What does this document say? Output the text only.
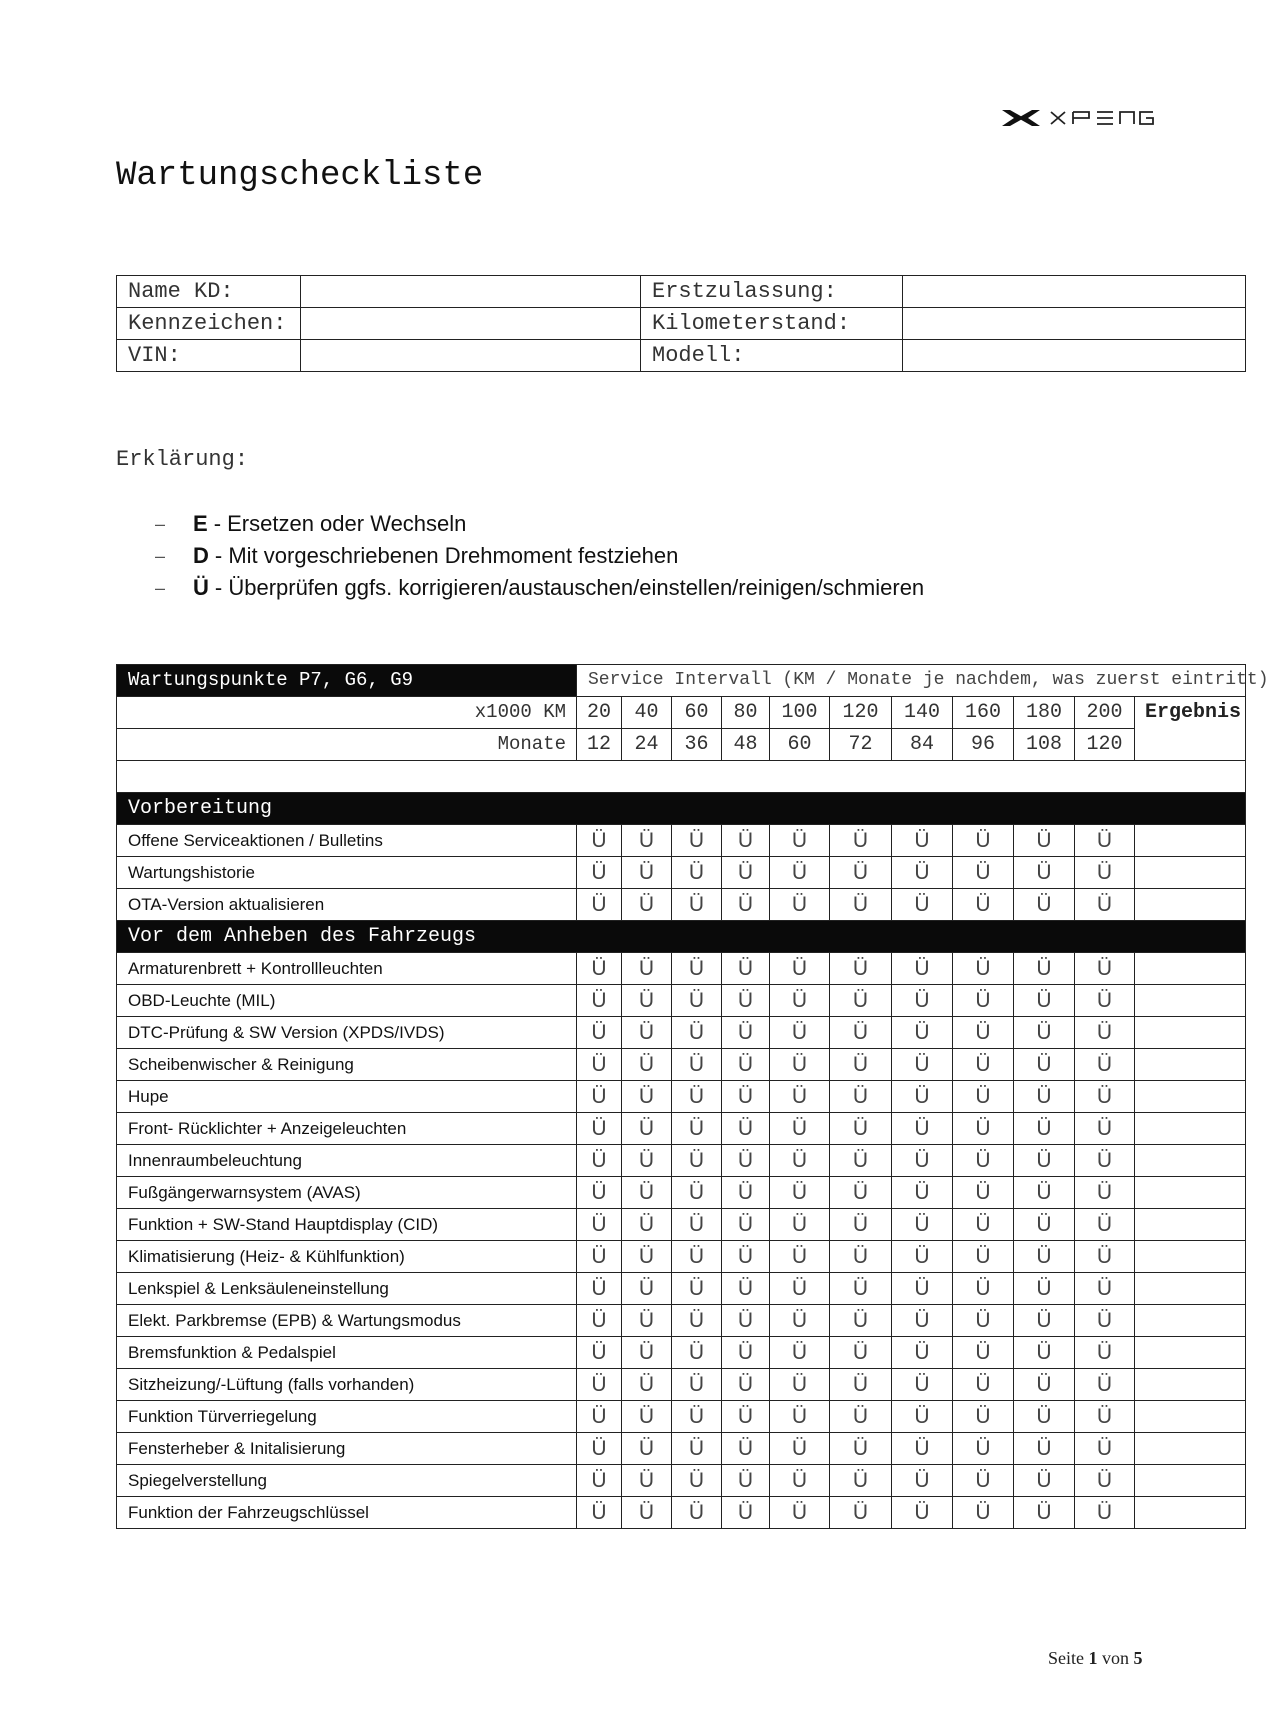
Wartungscheckliste
Name KD:		Erstzulassung:	
Kennzeichen:		Kilometerstand:	
VIN:		Modell:	
Erklärung:
–	E - Ersetzen oder Wechseln
–	D - Mit vorgeschriebenen Drehmoment festziehen
–	Ü - Überprüfen ggfs. korrigieren/austauschen/einstellen/reinigen/schmieren
Wartungspunkte P7, G6, G9	Service Intervall (KM / Monate je nachdem, was zuerst eintritt)										
x1000 KM	20	40	60	80	100	120	140	160	180	200	Ergebnis
Monate	12	24	36	48	60	72	84	96	108	120	

Vorbereitung											
Offene Serviceaktionen / Bulletins	Ü	Ü	Ü	Ü	Ü	Ü	Ü	Ü	Ü	Ü	
Wartungshistorie	Ü	Ü	Ü	Ü	Ü	Ü	Ü	Ü	Ü	Ü	
OTA-Version aktualisieren	Ü	Ü	Ü	Ü	Ü	Ü	Ü	Ü	Ü	Ü	
Vor dem Anheben des Fahrzeugs											
Armaturenbrett + Kontrollleuchten	Ü	Ü	Ü	Ü	Ü	Ü	Ü	Ü	Ü	Ü	
OBD-Leuchte (MIL)	Ü	Ü	Ü	Ü	Ü	Ü	Ü	Ü	Ü	Ü	
DTC-Prüfung & SW Version (XPDS/IVDS)	Ü	Ü	Ü	Ü	Ü	Ü	Ü	Ü	Ü	Ü	
Scheibenwischer & Reinigung	Ü	Ü	Ü	Ü	Ü	Ü	Ü	Ü	Ü	Ü	
Hupe	Ü	Ü	Ü	Ü	Ü	Ü	Ü	Ü	Ü	Ü	
Front- Rücklichter + Anzeigeleuchten	Ü	Ü	Ü	Ü	Ü	Ü	Ü	Ü	Ü	Ü	
Innenraumbeleuchtung	Ü	Ü	Ü	Ü	Ü	Ü	Ü	Ü	Ü	Ü	
Fußgängerwarnsystem (AVAS)	Ü	Ü	Ü	Ü	Ü	Ü	Ü	Ü	Ü	Ü	
Funktion + SW-Stand Hauptdisplay (CID)	Ü	Ü	Ü	Ü	Ü	Ü	Ü	Ü	Ü	Ü	
Klimatisierung (Heiz- & Kühlfunktion)	Ü	Ü	Ü	Ü	Ü	Ü	Ü	Ü	Ü	Ü	
Lenkspiel & Lenksäuleneinstellung	Ü	Ü	Ü	Ü	Ü	Ü	Ü	Ü	Ü	Ü	
Elekt. Parkbremse (EPB) & Wartungsmodus	Ü	Ü	Ü	Ü	Ü	Ü	Ü	Ü	Ü	Ü	
Bremsfunktion & Pedalspiel	Ü	Ü	Ü	Ü	Ü	Ü	Ü	Ü	Ü	Ü	
Sitzheizung/-Lüftung (falls vorhanden)	Ü	Ü	Ü	Ü	Ü	Ü	Ü	Ü	Ü	Ü	
Funktion Türverriegelung	Ü	Ü	Ü	Ü	Ü	Ü	Ü	Ü	Ü	Ü	
Fensterheber & Initalisierung	Ü	Ü	Ü	Ü	Ü	Ü	Ü	Ü	Ü	Ü	
Spiegelverstellung	Ü	Ü	Ü	Ü	Ü	Ü	Ü	Ü	Ü	Ü	
Funktion der Fahrzeugschlüssel	Ü	Ü	Ü	Ü	Ü	Ü	Ü	Ü	Ü	Ü	
Seite 1 von 5
